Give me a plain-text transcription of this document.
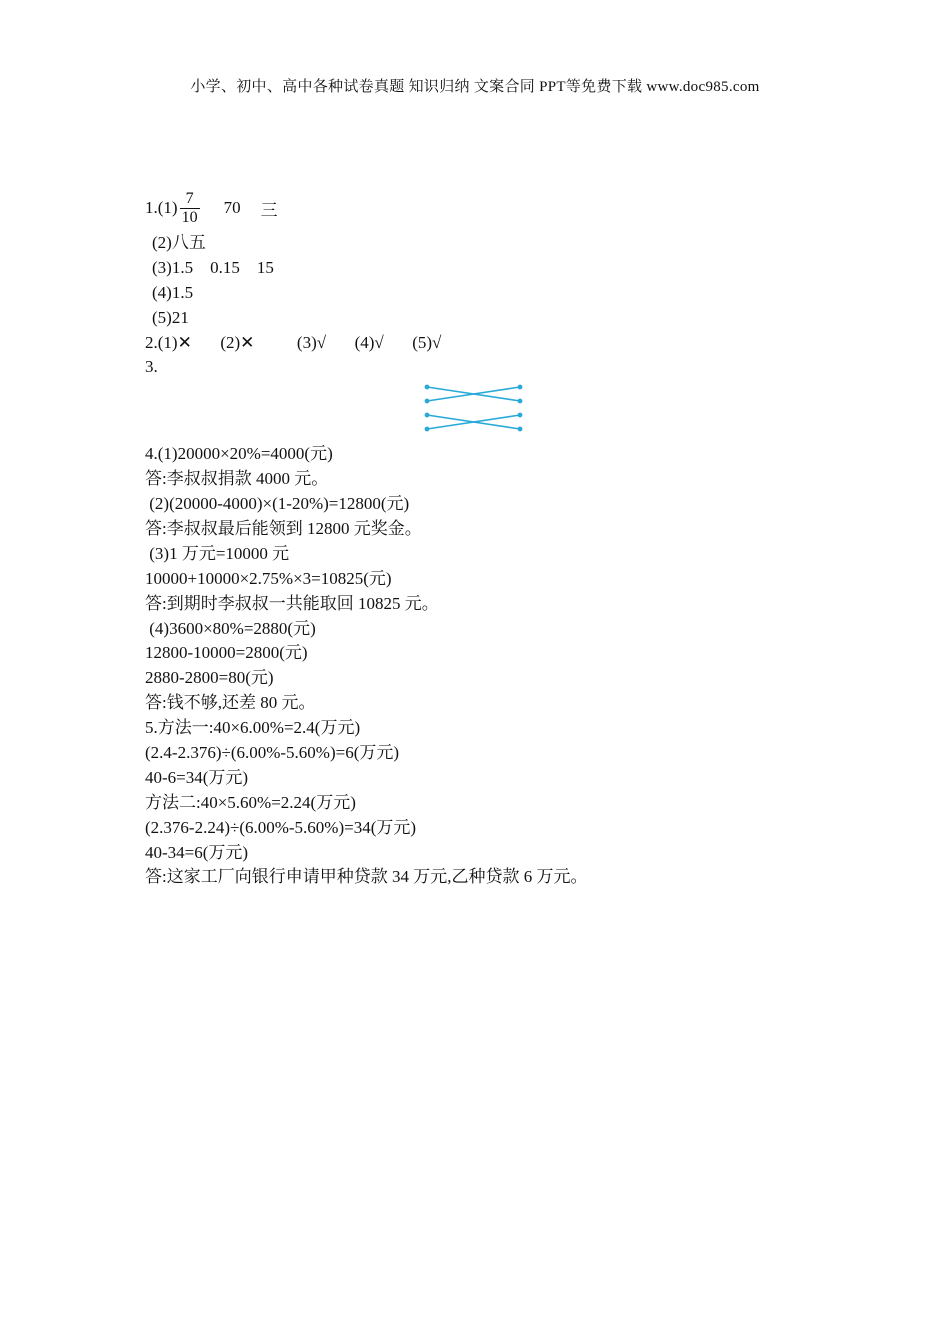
小学、初中、高中各种试卷真题 知识归纳 文案合同 PPT等免费下载 www.doc985.com
$1.(1) \frac{7}{10} 70$ 三
(2)八五
(3)1.5    0.15    15
(4)1.5
(5)21
2.(1)✕ (2)✕	(3)√ (4)√ (5)√
3.
4.(1)20000×20%=4000(元)
答:李叔叔捐款 4000 元。
(2)(20000-4000)×(1-20%)=12800(元)
答:李叔叔最后能领到 12800 元奖金。
(3)1 万元=10000 元
10000+10000×2.75%×3=10825(元)
答:到期时李叔叔一共能取回 10825 元。
(4)3600×80%=2880(元)
12800-10000=2800(元)
2880-2800=80(元)
答:钱不够,还差 80 元。
5.方法一:40×6.00%=2.4(万元)
(2.4-2.376)÷(6.00%-5.60%)=6(万元)
40-6=34(万元)
方法二:40×5.60%=2.24(万元)
(2.376-2.24)÷(6.00%-5.60%)=34(万元)
40-34=6(万元)
答:这家工厂向银行申请甲种贷款 34 万元,乙种贷款 6 万元。
